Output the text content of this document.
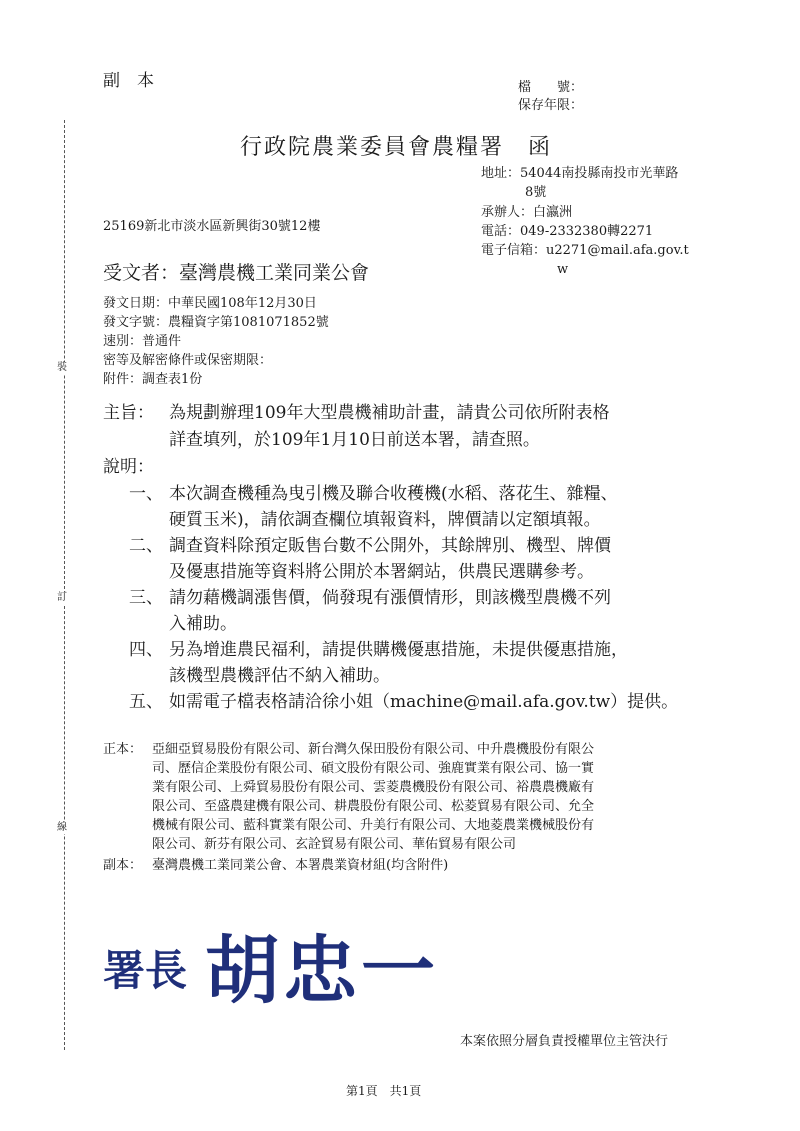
裝
訂
線
副　本	檔　　號：
保存年限：
行政院農業委員會農糧署　函
地址：54044南投縣南投市光華路
8號
承辦人：白瀛洲
電話：049-2332380轉2271
電子信箱：u2271@mail.afa.gov.t
w
25169新北市淡水區新興街30號12樓
受文者：臺灣農機工業同業公會
發文日期：中華民國108年12月30日
發文字號：農糧資字第1081071852號
速別：普通件
密等及解密條件或保密期限：
附件：調查表1份
主旨： 為規劃辦理109年大型農機補助計畫，請貴公司依所附表格
詳查填列，於109年1月10日前送本署，請查照。
說明：
一、 本次調查機種為曳引機及聯合收穫機(水稻、落花生、雜糧、
硬質玉米)，請依調查欄位填報資料，牌價請以定額填報。
二、 調查資料除預定販售台數不公開外，其餘牌別、機型、牌價
及優惠措施等資料將公開於本署網站，供農民選購參考。
三、 請勿藉機調漲售價，倘發現有漲價情形，則該機型農機不列
入補助。
四、 另為增進農民福利，請提供購機優惠措施，未提供優惠措施，
該機型農機評估不納入補助。
五、 如需電子檔表格請洽徐小姐（machine@mail.afa.gov.tw）提供。
正本： 亞細亞貿易股份有限公司、新台灣久保田股份有限公司、中升農機股份有限公
司、歷信企業股份有限公司、碩文股份有限公司、強鹿實業有限公司、協一實
業有限公司、上舜貿易股份有限公司、雲菱農機股份有限公司、裕農農機廠有
限公司、至盛農建機有限公司、耕農股份有限公司、松菱貿易有限公司、允全
機械有限公司、藍科實業有限公司、升美行有限公司、大地菱農業機械股份有
限公司、新芬有限公司、玄詮貿易有限公司、華佑貿易有限公司
副本： 臺灣農機工業同業公會、本署農業資材組(均含附件)
署長 胡忠一
本案依照分層負責授權單位主管決行
第1頁　共1頁
